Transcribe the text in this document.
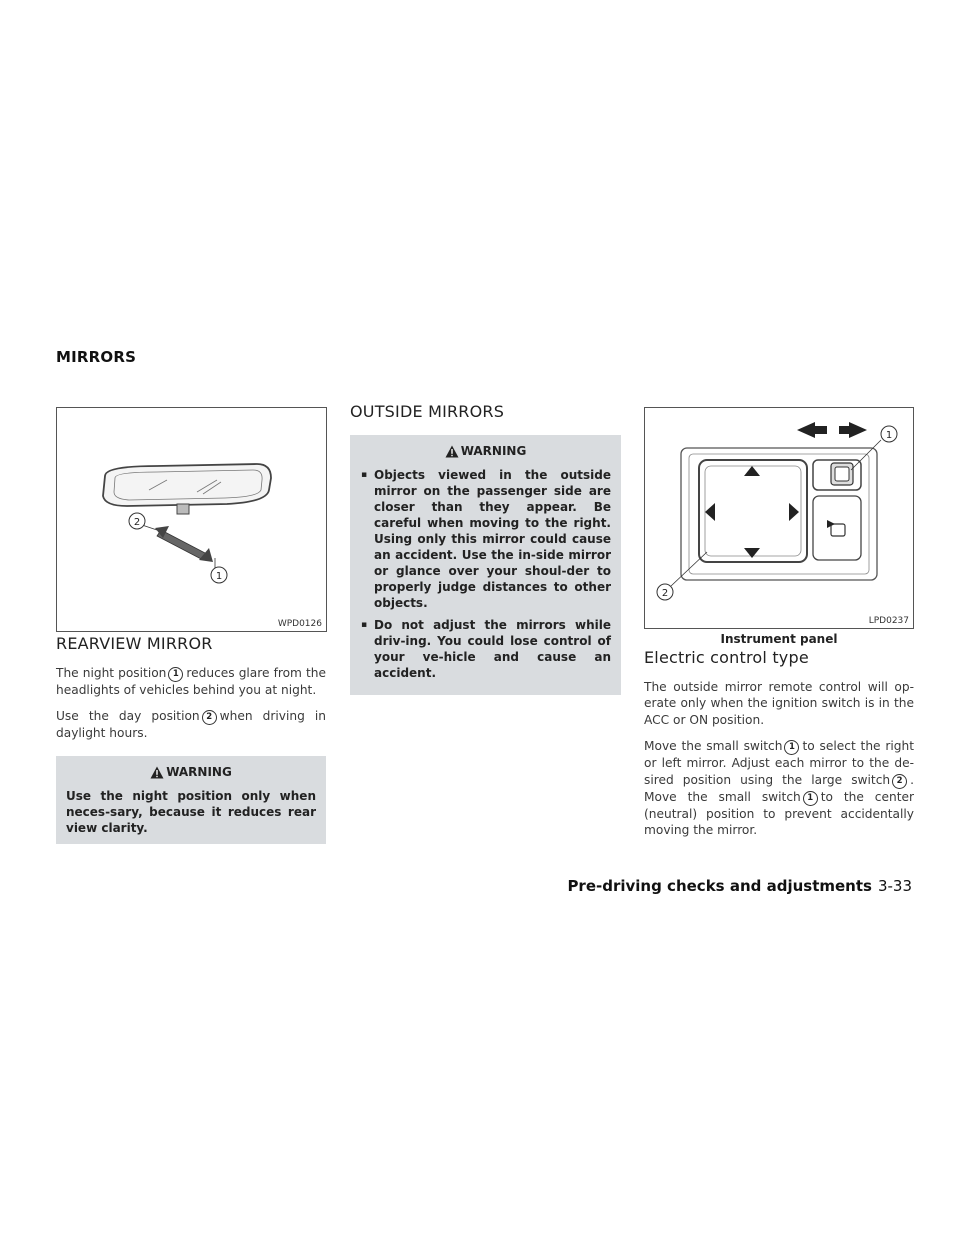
MIRRORS
2
1
WPD0126
REARVIEW MIRROR

The night position 1 reduces glare from the headlights of vehicles behind you at night.

Use the day position 2 when driving in daylight hours.

WARNING
Use the night position only when neces-sary, because it reduces rear view clarity.
OUTSIDE MIRRORS
WARNING
▪ Objects viewed in the outside mirror on the passenger side are closer than they appear. Be careful when moving to the right. Using only this mirror could cause an accident. Use the in-side mirror or glance over your shoul-der to properly judge distances to other objects.
▪ Do not adjust the mirrors while driv-ing. You could lose control of your ve-hicle and cause an accident.
1
2
LPD0237
Instrument panel
Electric control type

The outside mirror remote control will op-erate only when the ignition switch is in the ACC or ON position.

Move the small switch 1 to select the right or left mirror. Adjust each mirror to the de-sired position using the large switch 2 . Move the small switch 1 to the center (neutral) position to prevent accidentally moving the mirror.

Pre-driving checks and adjustments 3-33
